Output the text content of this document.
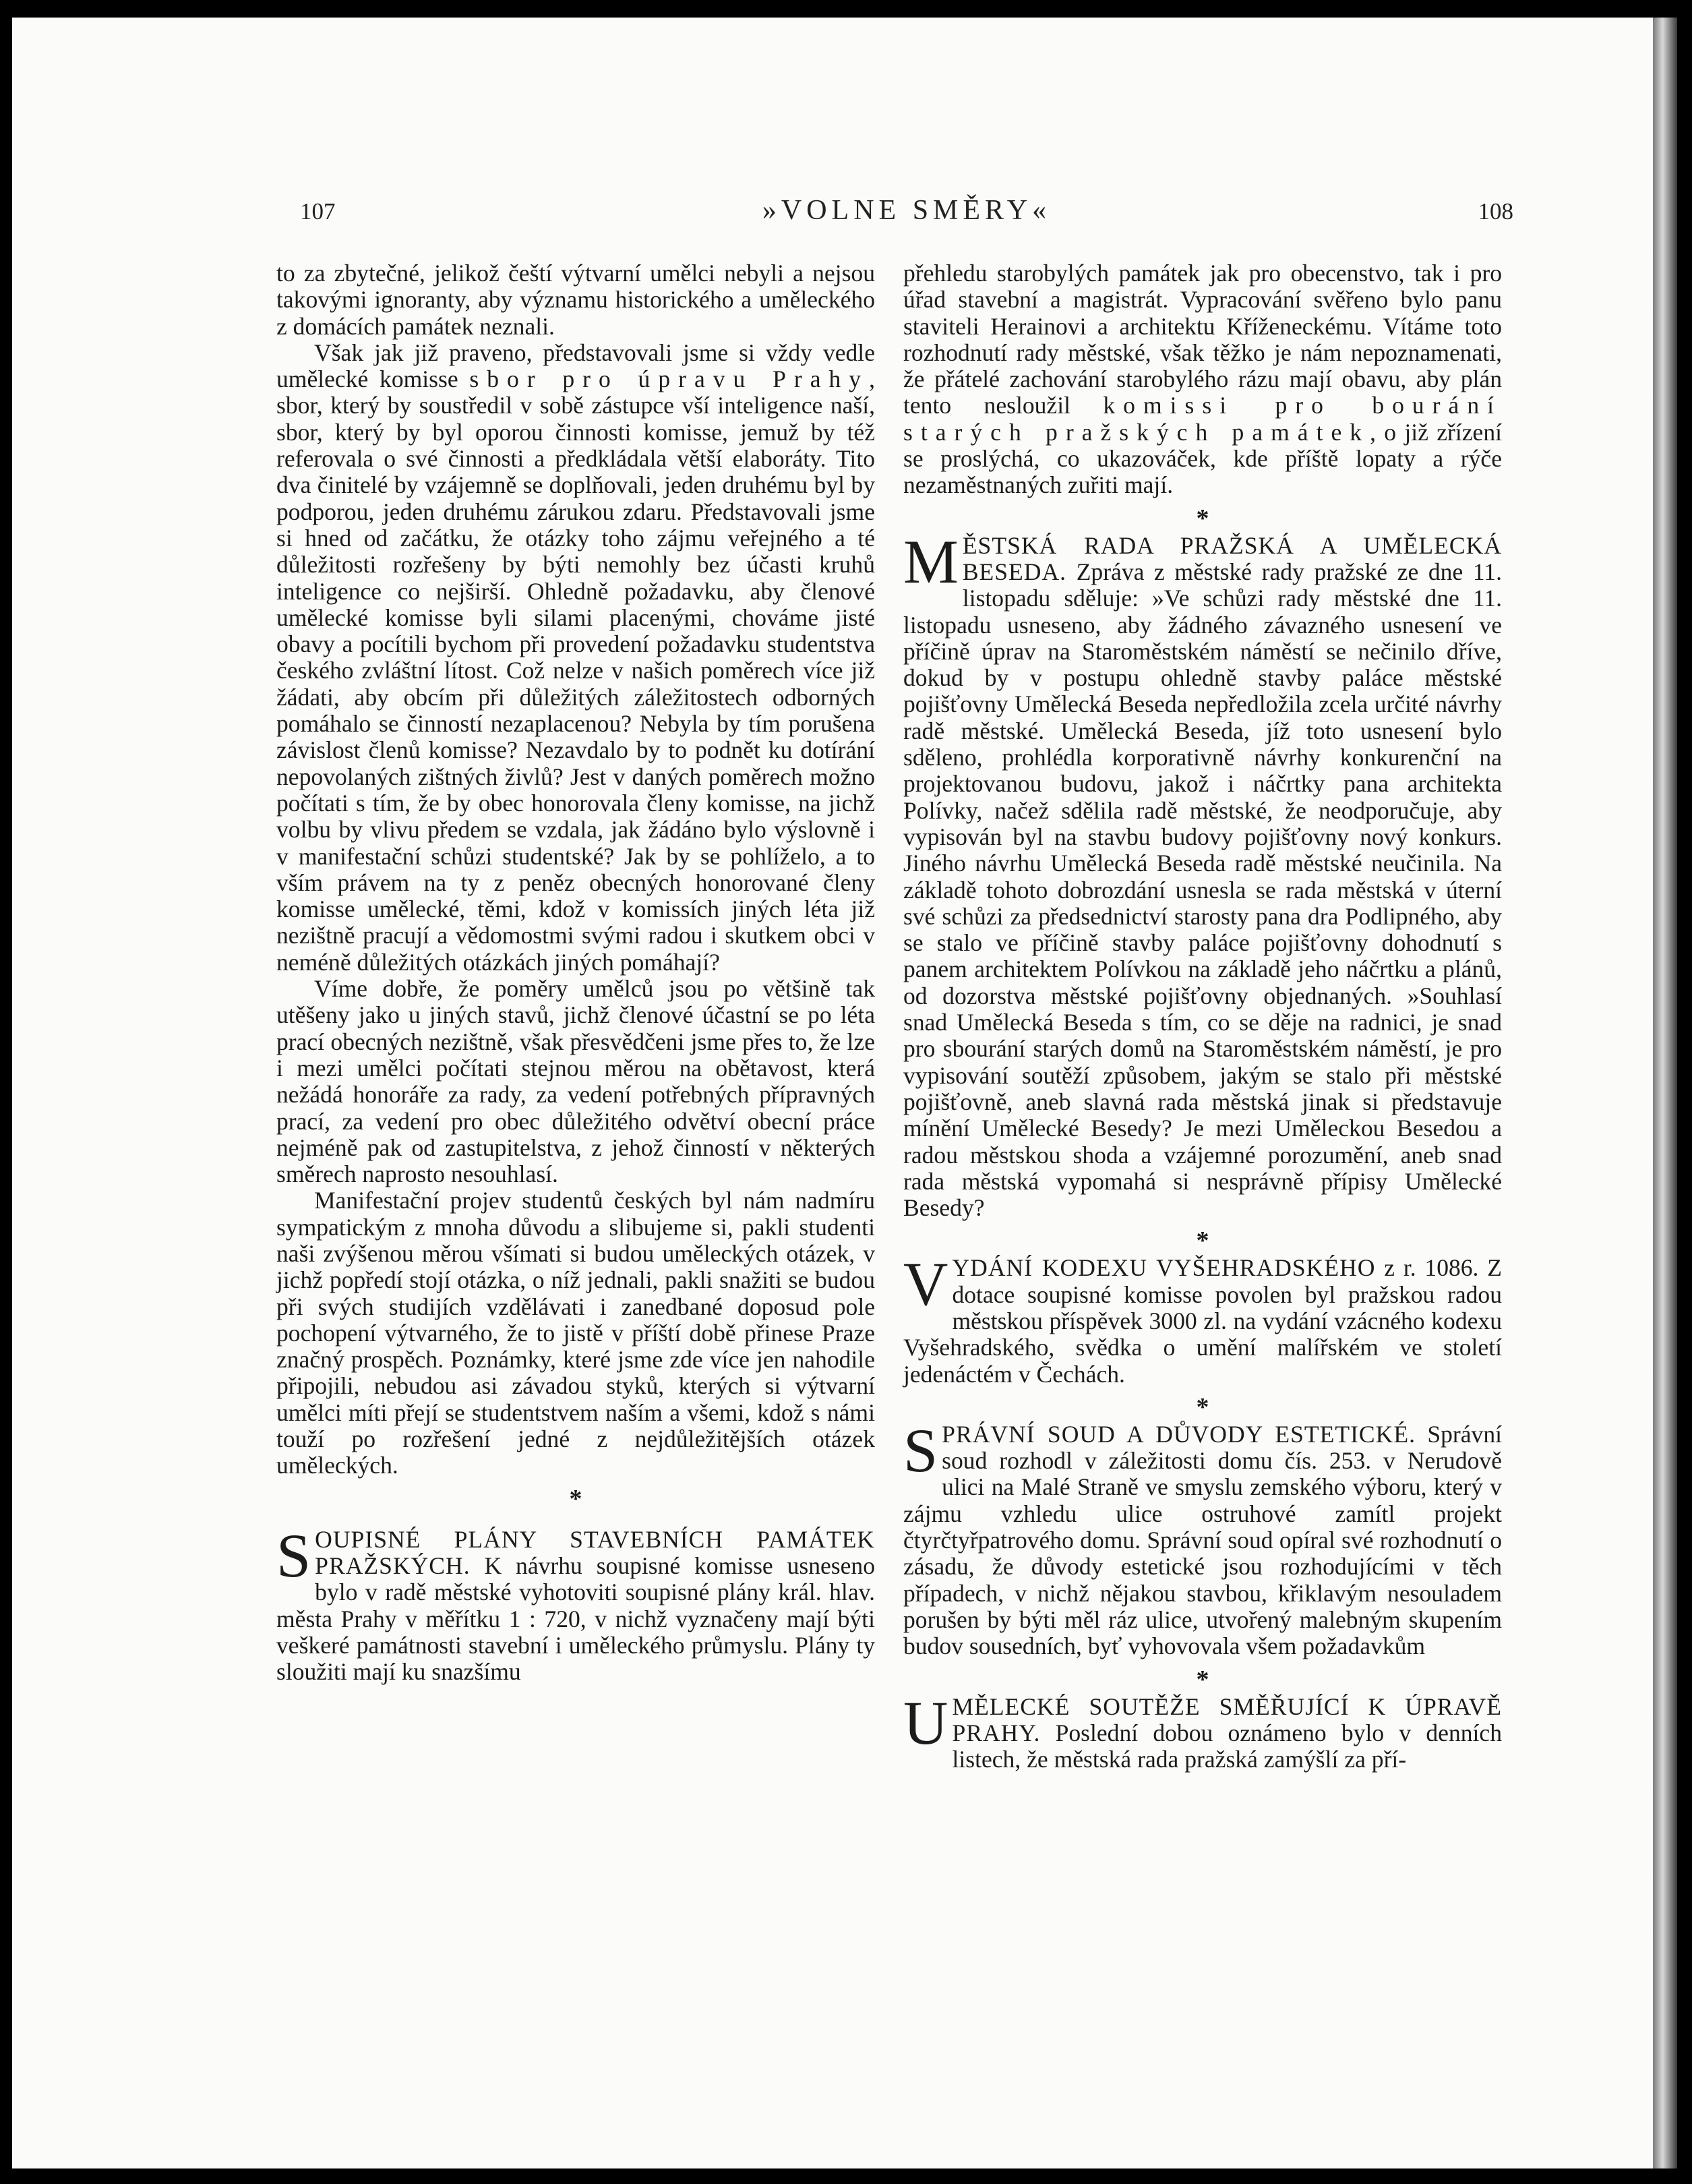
107	»VOLNE SMĚRY«	108

to za zbytečné, jelikož čeští výtvarní umělci nebyli a nejsou takovými ignoranty, aby významu historického a uměleckého z domácích památek neznali.

Však jak již praveno, představovali jsme si vždy vedle umělecké komisse sbor pro úpravu Prahy, sbor, který by soustředil v sobě zástupce vší inteligence naší, sbor, který by byl oporou činnosti komisse, jemuž by též referovala o své činnosti a předkládala větší elaboráty. Tito dva činitelé by vzájemně se doplňovali, jeden druhému byl by podporou, jeden druhému zárukou zdaru. Představovali jsme si hned od začátku, že otázky toho zájmu veřejného a té důležitosti rozřešeny by býti nemohly bez účasti kruhů inteligence co nejširší. Ohledně požadavku, aby členové umělecké komisse byli silami placenými, chováme jisté obavy a pocítili bychom při provedení požadavku studentstva českého zvláštní lítost. Což nelze v našich poměrech více již žádati, aby obcím při důležitých záležitostech odborných pomáhalo se činností nezaplacenou? Nebyla by tím porušena závislost členů komisse? Nezavdalo by to podnět ku dotírání nepovolaných zištných živlů? Jest v daných poměrech možno počítati s tím, že by obec honorovala členy komisse, na jichž volbu by vlivu předem se vzdala, jak žádáno bylo výslovně i v manifestační schůzi studentské? Jak by se pohlíželo, a to vším právem na ty z peněz obecných honorované členy komisse umělecké, těmi, kdož v komissích jiných léta již nezištně pracují a vědomostmi svými radou i skutkem obci v neméně důležitých otázkách jiných pomáhají?

Víme dobře, že poměry umělců jsou po většině tak utěšeny jako u jiných stavů, jichž členové účastní se po léta prací obecných nezištně, však přesvědčeni jsme přes to, že lze i mezi umělci počítati stejnou měrou na obětavost, která nežádá honoráře za rady, za vedení potřebných přípravných prací, za vedení pro obec důležitého odvětví obecní práce nejméně pak od zastupitelstva, z jehož činností v některých směrech naprosto nesouhlasí.

Manifestační projev studentů českých byl nám nadmíru sympatickým z mnoha důvodu a slibujeme si, pakli studenti naši zvýšenou měrou všímati si budou uměleckých otázek, v jichž popředí stojí otázka, o níž jednali, pakli snažiti se budou při svých studijích vzdělávati i zanedbané doposud pole pochopení výtvarného, že to jistě v příští době přinese Praze značný prospěch. Poznámky, které jsme zde více jen nahodile připojili, nebudou asi závadou styků, kterých si výtvarní umělci míti přejí se studentstvem naším a všemi, kdož s námi touží po rozřešení jedné z nejdůležitějších otázek uměleckých.

*

SOUPISNÉ PLÁNY STAVEBNÍCH PAMÁTEK PRAŽSKÝCH. K návrhu soupisné komisse usneseno bylo v radě městské vyhotoviti soupisné plány král. hlav. města Prahy v měřítku 1 : 720, v nichž vyznačeny mají býti veškeré památnosti stavební i uměleckého průmyslu. Plány ty sloužiti mají ku snazšímu

přehledu starobylých památek jak pro obecenstvo, tak i pro úřad stavební a magistrát. Vypracování svěřeno bylo panu staviteli Herainovi a architektu Kříženeckému. Vítáme toto rozhodnutí rady městské, však těžko je nám nepoznamenati, že přátelé zachování starobylého rázu mají obavu, aby plán tento nesloužil komissi pro bourání starých pražských památek, o již zřízení se proslýchá, co ukazováček, kde příště lopaty a rýče nezaměstnaných zuřiti mají.

*

MĚSTSKÁ RADA PRAŽSKÁ A UMĚLECKÁ BESEDA. Zpráva z městské rady pražské ze dne 11. listopadu sděluje: »Ve schůzi rady městské dne 11. listopadu usneseno, aby žádného závazného usnesení ve příčině úprav na Staroměstském náměstí se nečinilo dříve, dokud by v postupu ohledně stavby paláce městské pojišťovny Umělecká Beseda nepředložila zcela určité návrhy radě městské. Umělecká Beseda, jíž toto usnesení bylo sděleno, prohlédla korporativně návrhy konkurenční na projektovanou budovu, jakož i náčrtky pana architekta Polívky, načež sdělila radě městské, že neodporučuje, aby vypisován byl na stavbu budovy pojišťovny nový konkurs. Jiného návrhu Umělecká Beseda radě městské neučinila. Na základě tohoto dobrozdání usnesla se rada městská v úterní své schůzi za předsednictví starosty pana dra Podlipného, aby se stalo ve příčině stavby paláce pojišťovny dohodnutí s panem architektem Polívkou na základě jeho náčrtku a plánů, od dozorstva městské pojišťovny objednaných. »Souhlasí snad Umělecká Beseda s tím, co se děje na radnici, je snad pro sbourání starých domů na Staroměstském náměstí, je pro vypisování soutěží způsobem, jakým se stalo při městské pojišťovně, aneb slavná rada městská jinak si představuje mínění Umělecké Besedy? Je mezi Uměleckou Besedou a radou městskou shoda a vzájemné porozumění, aneb snad rada městská vypomahá si nesprávně přípisy Umělecké Besedy?

*

VYDÁNÍ KODEXU VYŠEHRADSKÉHO z r. 1086. Z dotace soupisné komisse povolen byl pražskou radou městskou příspěvek 3000 zl. na vydání vzácného kodexu Vyšehradského, svědka o umění malířském ve století jedenáctém v Čechách.

*

SPRÁVNÍ SOUD A DŮVODY ESTETICKÉ. Správní soud rozhodl v záležitosti domu čís. 253. v Nerudově ulici na Malé Straně ve smyslu zemského výboru, který v zájmu vzhledu ulice ostruhové zamítl projekt čtyrčtyřpatrového domu. Správní soud opíral své rozhodnutí o zásadu, že důvody estetické jsou rozhodujícími v těch případech, v nichž nějakou stavbou, křiklavým nesouladem porušen by býti měl ráz ulice, utvořený malebným skupením budov sousedních, byť vyhovovala všem požadavkům

*

UMĚLECKÉ SOUTĚŽE SMĚŘUJÍCÍ K ÚPRAVĚ PRAHY. Poslední dobou oznámeno bylo v denních listech, že městská rada pražská zamýšlí za pří-
